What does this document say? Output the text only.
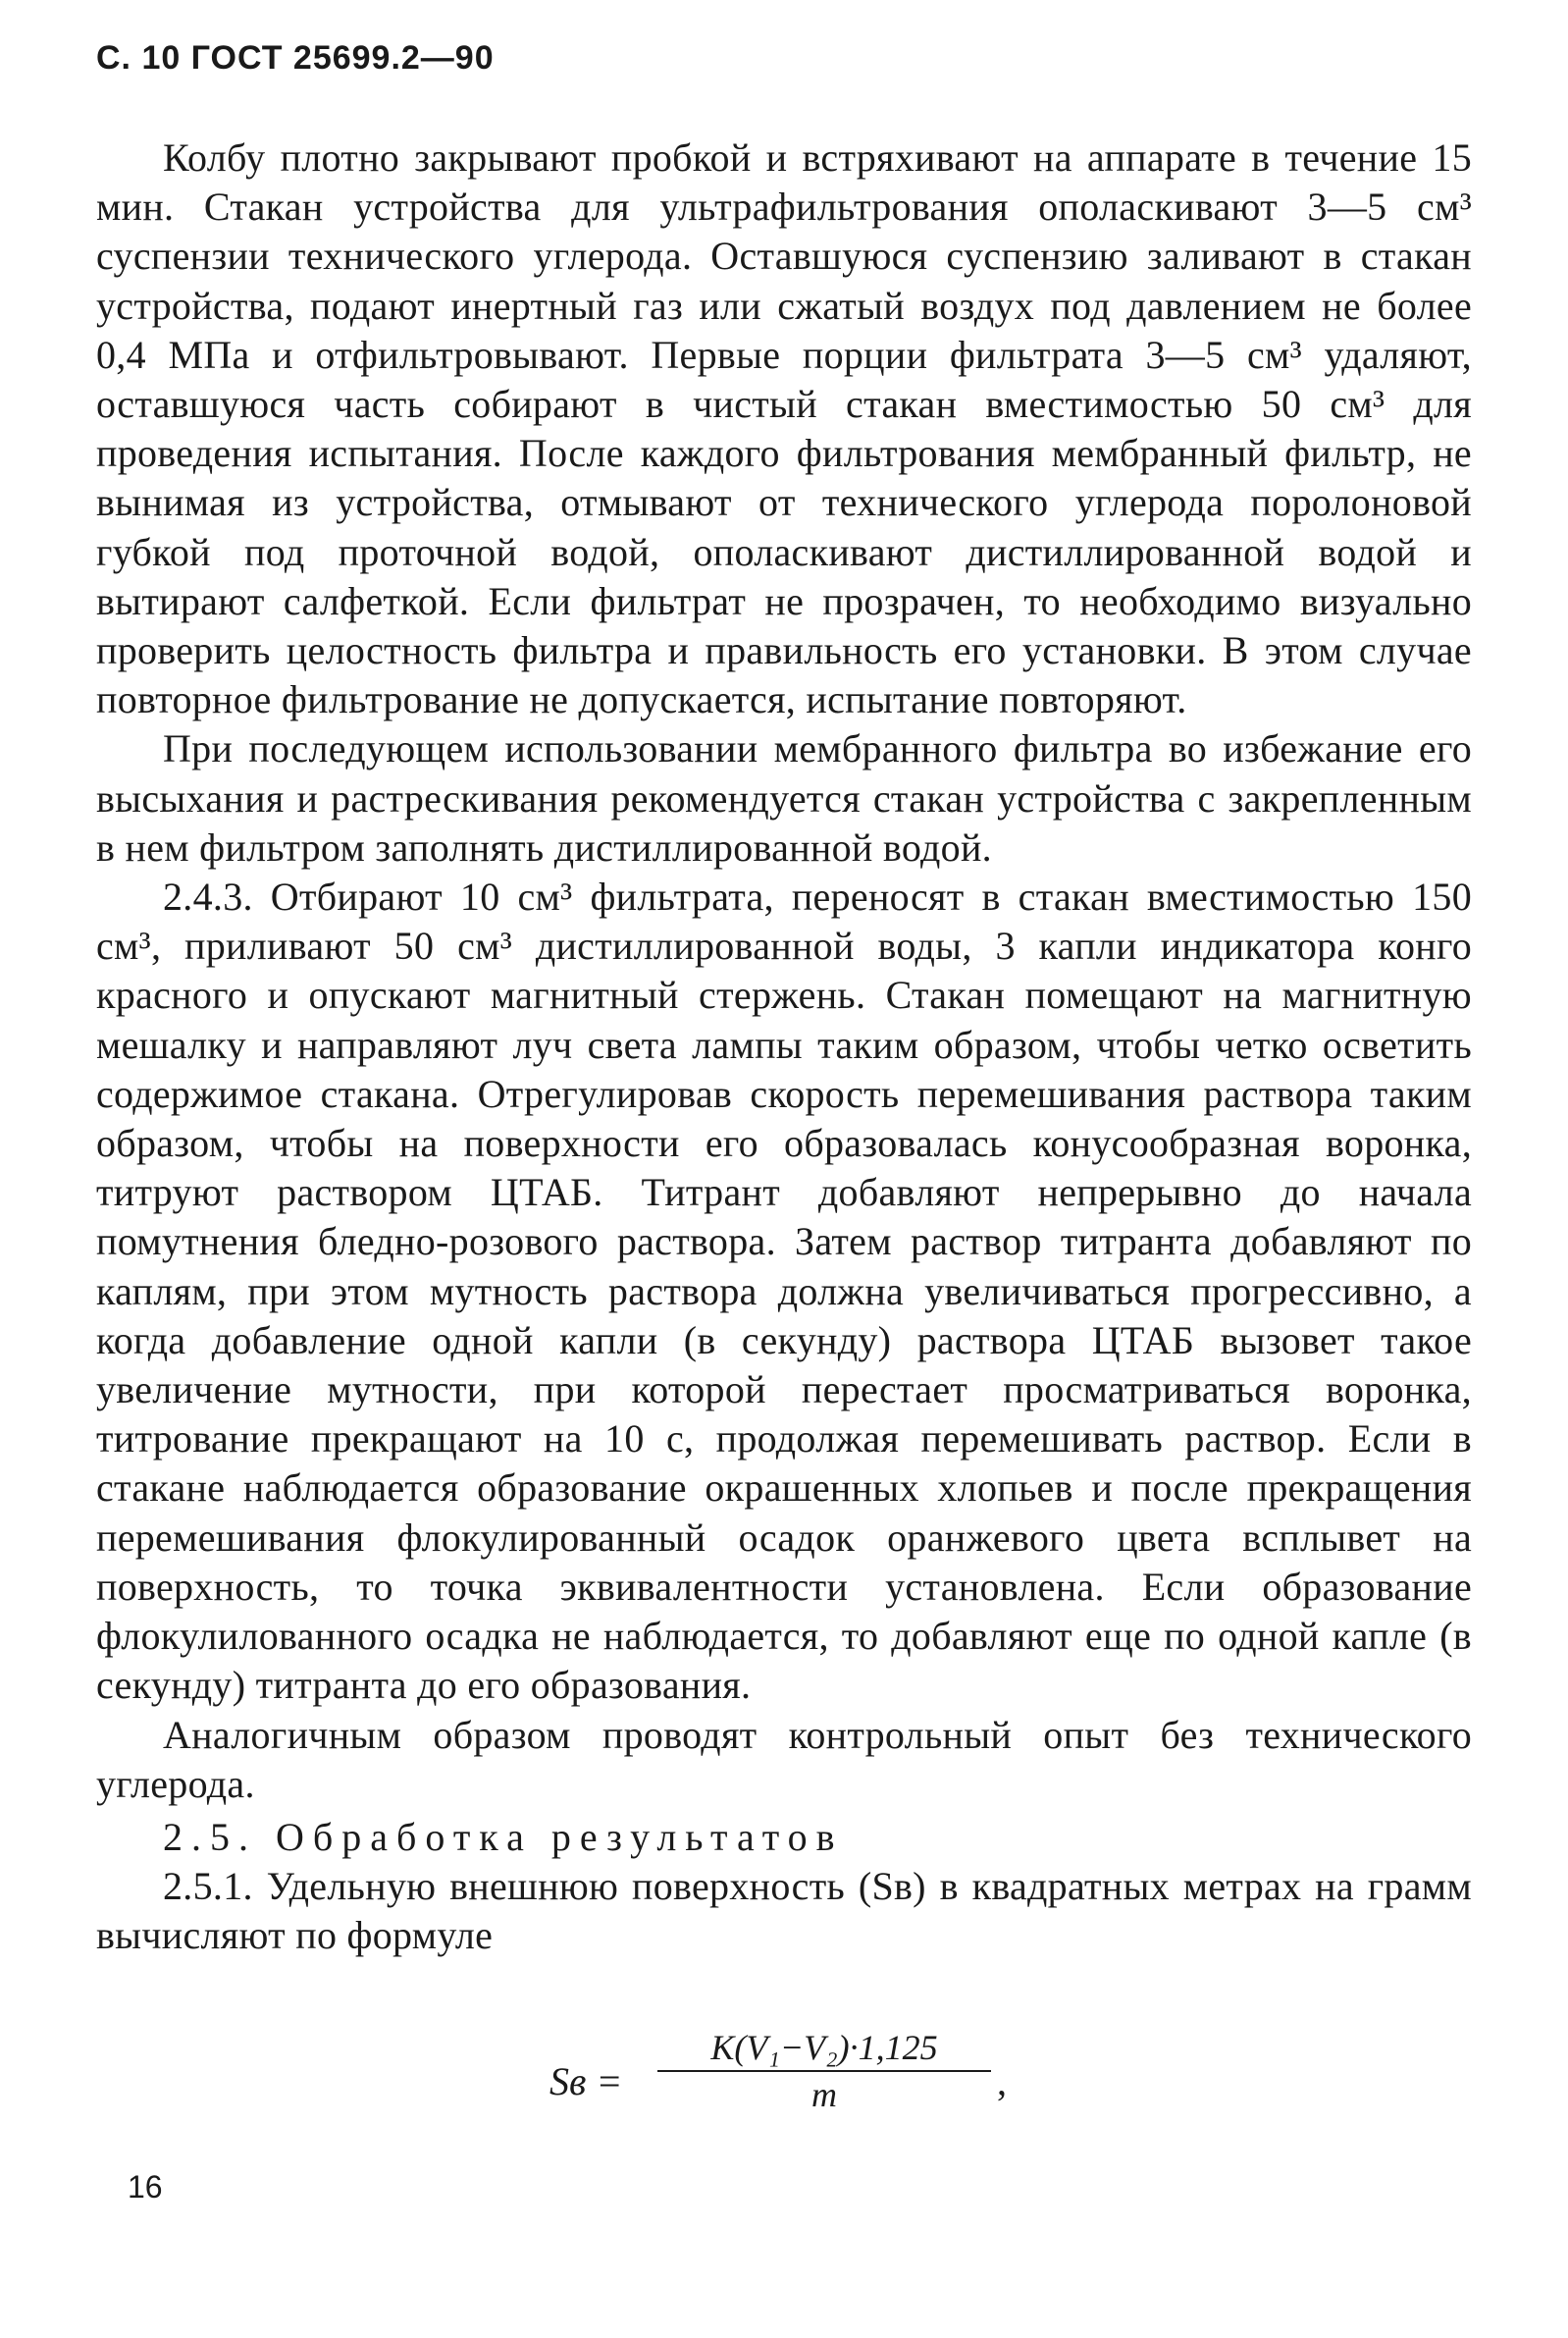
С. 10 ГОСТ 25699.2—90

Колбу плотно закрывают пробкой и встряхивают на аппарате в течение 15 мин. Стакан устройства для ультрафильтрования ополаскивают 3—5 см³ суспензии технического углерода. Оставшуюся суспензию заливают в стакан устройства, подают инертный газ или сжатый воздух под давлением не более 0,4 МПа и отфильтровывают. Первые порции фильтрата 3—5 см³ удаляют, оставшуюся часть собирают в чистый стакан вместимостью 50 см³ для проведения испытания. После каждого фильтрования мембранный фильтр, не вынимая из устройства, отмывают от технического углерода поролоновой губкой под проточной водой, ополаскивают дистиллированной водой и вытирают салфеткой. Если фильтрат не прозрачен, то необходимо визуально проверить целостность фильтра и правильность его установки. В этом случае повторное фильтрование не допускается, испытание повторяют.

При последующем использовании мембранного фильтра во избежание его высыхания и растрескивания рекомендуется стакан устройства с закрепленным в нем фильтром заполнять дистиллированной водой.

2.4.3. Отбирают 10 см³ фильтрата, переносят в стакан вместимостью 150 см³, приливают 50 см³ дистиллированной воды, 3 капли индикатора конго красного и опускают магнитный стержень. Стакан помещают на магнитную мешалку и направляют луч света лампы таким образом, чтобы четко осветить содержимое стакана. Отрегулировав скорость перемешивания раствора таким образом, чтобы на поверхности его образовалась конусообразная воронка, титруют раствором ЦТАБ. Титрант добавляют непрерывно до начала помутнения бледно-розового раствора. Затем раствор титранта добавляют по каплям, при этом мутность раствора должна увеличиваться прогрессивно, а когда добавление одной капли (в секунду) раствора ЦТАБ вызовет такое увеличение мутности, при которой перестает просматриваться воронка, титрование прекращают на 10 с, продолжая перемешивать раствор. Если в стакане наблюдается образование окрашенных хлопьев и после прекращения перемешивания флокулированный осадок оранжевого цвета всплывет на поверхность, то точка эквивалентности установлена. Если образование флокулилованного осадка не наблюдается, то добавляют еще по одной капле (в секунду) титранта до его образования.

Аналогичным образом проводят контрольный опыт без технического углерода.

2.5. Обработка результатов

2.5.1. Удельную внешнюю поверхность (Sв) в квадратных метрах на грамм вычисляют по формуле

Sв = $\frac{\text{K(V₁−V₂)·1,125}}{m}$ ,
16
